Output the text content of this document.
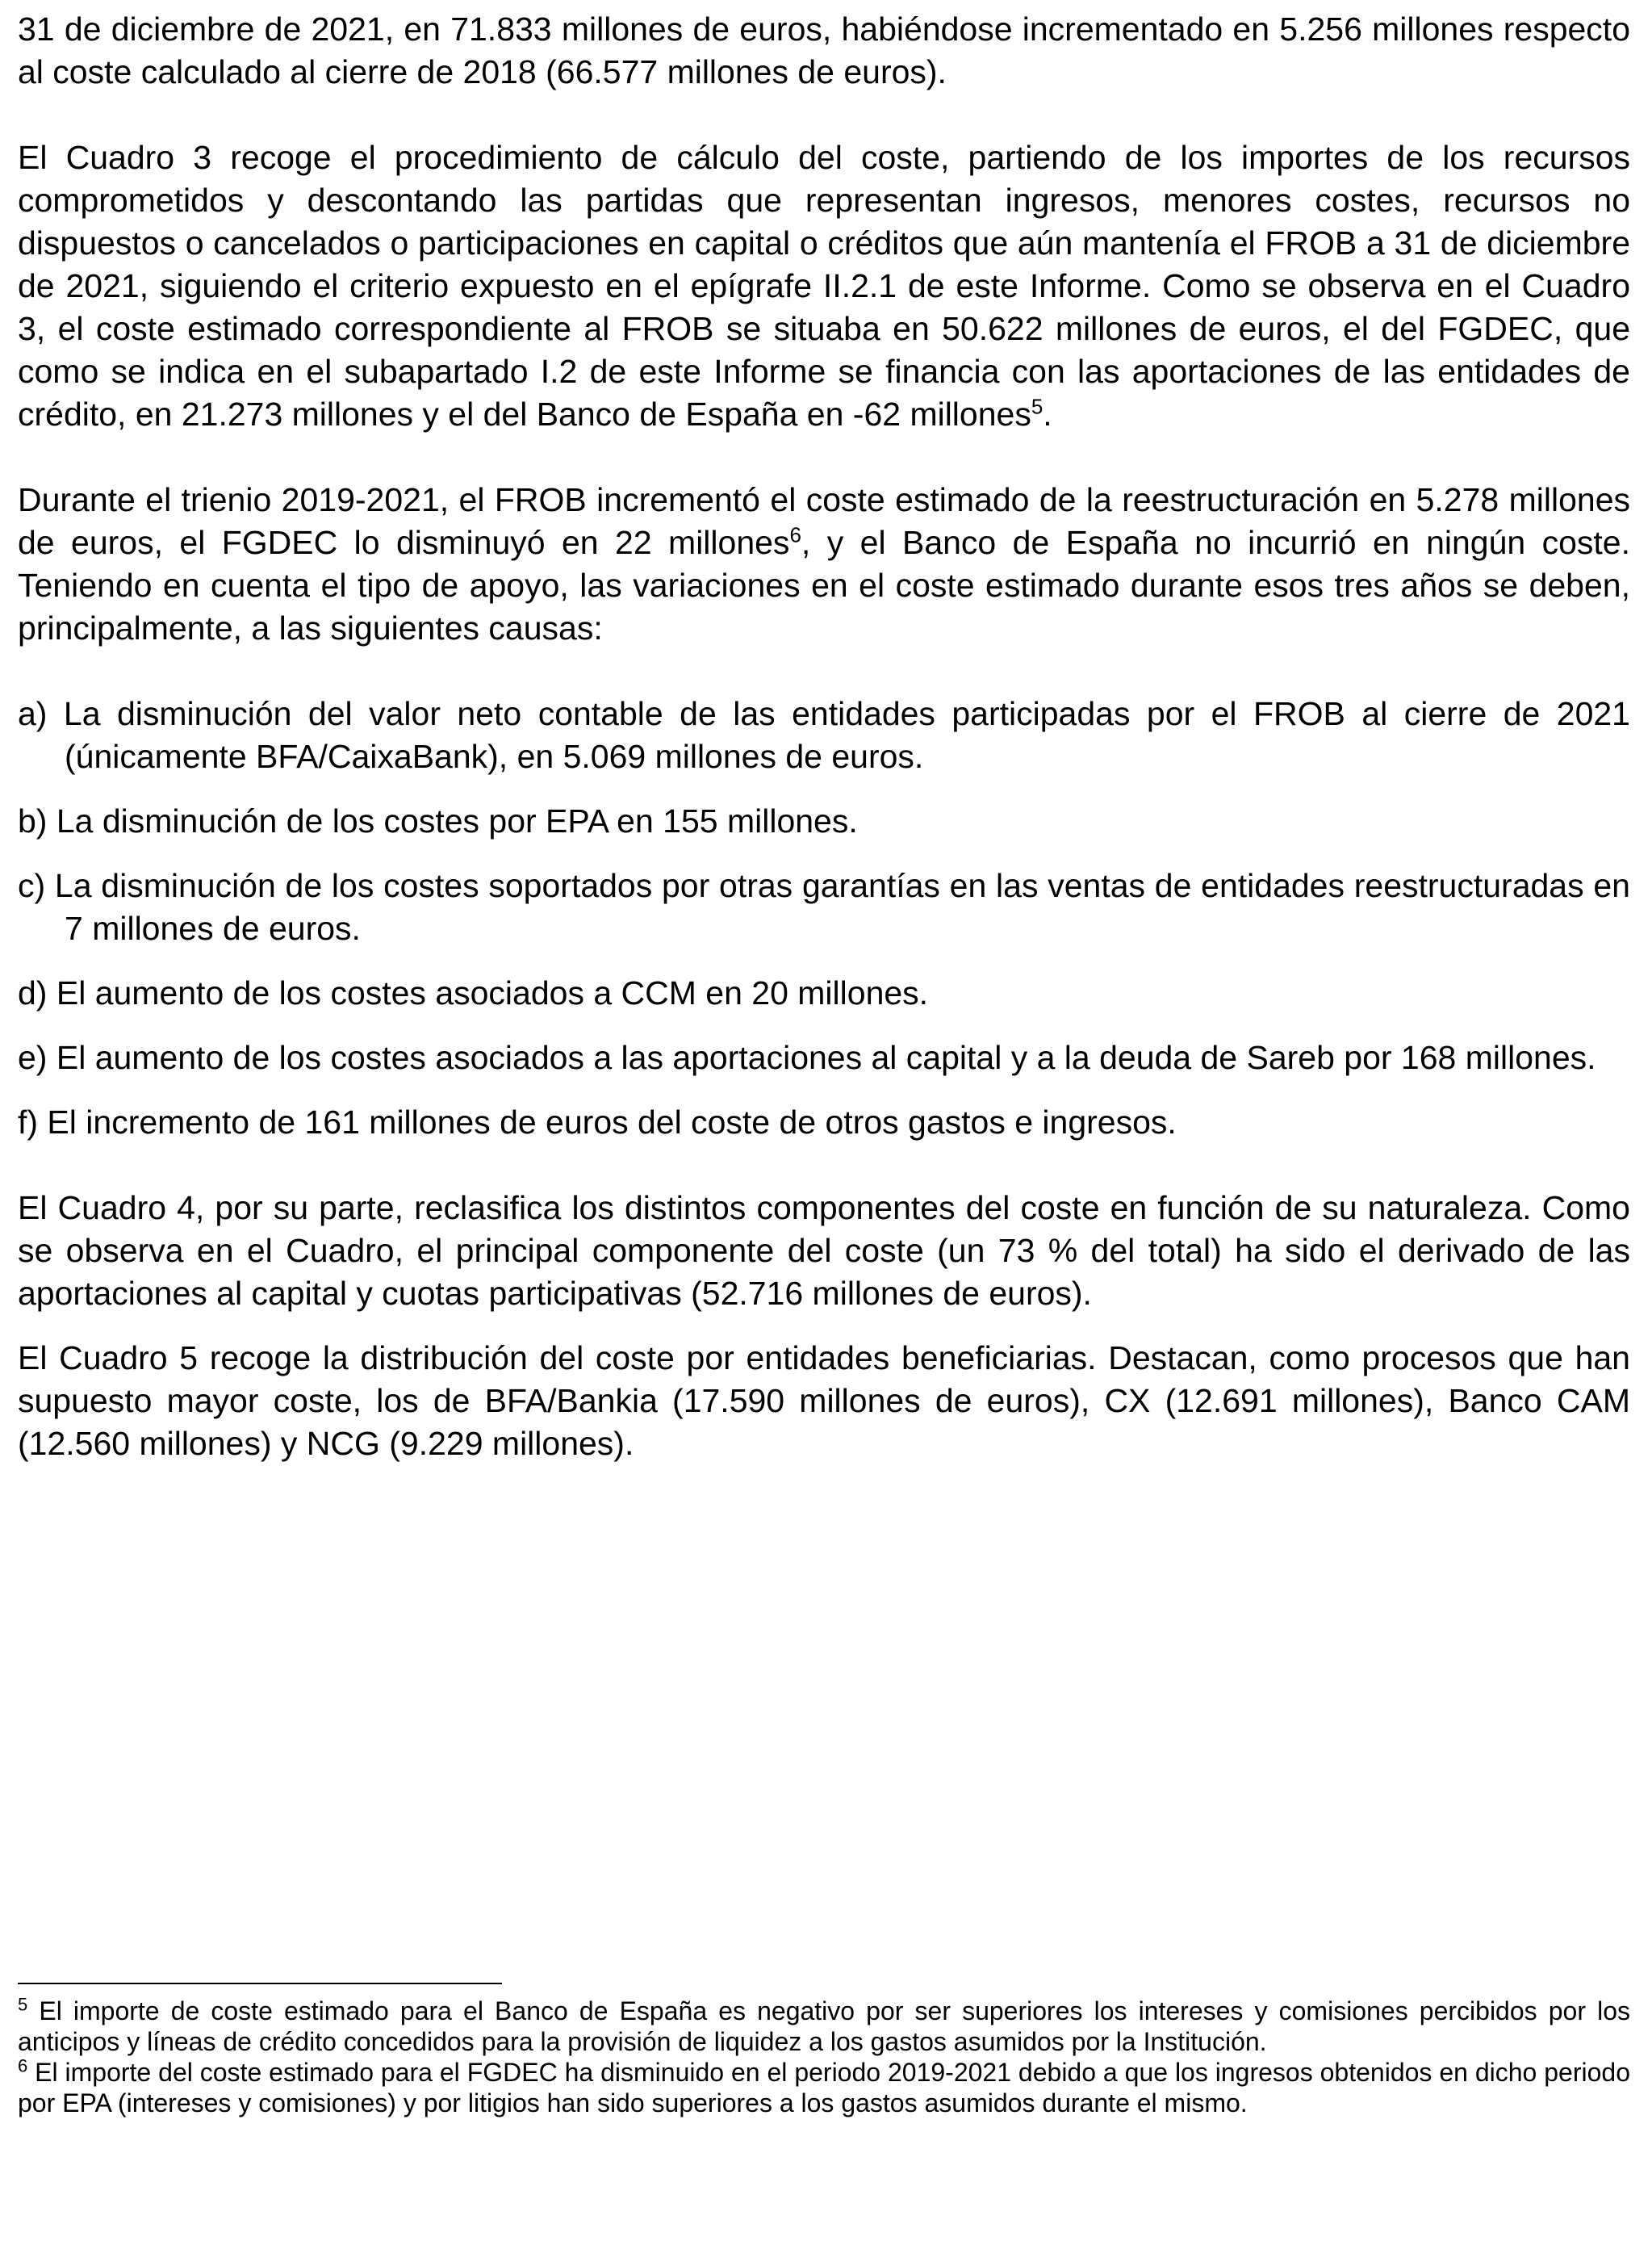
31 de diciembre de 2021, en 71.833 millones de euros, habiéndose incrementado en 5.256 millones respecto al coste calculado al cierre de 2018 (66.577 millones de euros).

El Cuadro 3 recoge el procedimiento de cálculo del coste, partiendo de los importes de los recursos comprometidos y descontando las partidas que representan ingresos, menores costes, recursos no dispuestos o cancelados o participaciones en capital o créditos que aún mantenía el FROB a 31 de diciembre de 2021, siguiendo el criterio expuesto en el epígrafe II.2.1 de este Informe. Como se observa en el Cuadro 3, el coste estimado correspondiente al FROB se situaba en 50.622 millones de euros, el del FGDEC, que como se indica en el subapartado I.2 de este Informe se financia con las aportaciones de las entidades de crédito, en 21.273 millones y el del Banco de España en -62 millones$^5$.

Durante el trienio 2019-2021, el FROB incrementó el coste estimado de la reestructuración en 5.278 millones de euros, el FGDEC lo disminuyó en 22 millones$^6$, y el Banco de España no incurrió en ningún coste. Teniendo en cuenta el tipo de apoyo, las variaciones en el coste estimado durante esos tres años se deben, principalmente, a las siguientes causas:

a) La disminución del valor neto contable de las entidades participadas por el FROB al cierre de 2021 (únicamente BFA/CaixaBank), en 5.069 millones de euros.

b) La disminución de los costes por EPA en 155 millones.

c) La disminución de los costes soportados por otras garantías en las ventas de entidades reestructuradas en 7 millones de euros.

d) El aumento de los costes asociados a CCM en 20 millones.

e) El aumento de los costes asociados a las aportaciones al capital y a la deuda de Sareb por 168 millones.

f) El incremento de 161 millones de euros del coste de otros gastos e ingresos.

El Cuadro 4, por su parte, reclasifica los distintos componentes del coste en función de su naturaleza. Como se observa en el Cuadro, el principal componente del coste (un 73 % del total) ha sido el derivado de las aportaciones al capital y cuotas participativas (52.716 millones de euros).

El Cuadro 5 recoge la distribución del coste por entidades beneficiarias. Destacan, como procesos que han supuesto mayor coste, los de BFA/Bankia (17.590 millones de euros), CX (12.691 millones), Banco CAM (12.560 millones) y NCG (9.229 millones).

$^5$ El importe de coste estimado para el Banco de España es negativo por ser superiores los intereses y comisiones percibidos por los anticipos y líneas de crédito concedidos para la provisión de liquidez a los gastos asumidos por la Institución.

$^6$ El importe del coste estimado para el FGDEC ha disminuido en el periodo 2019-2021 debido a que los ingresos obtenidos en dicho periodo por EPA (intereses y comisiones) y por litigios han sido superiores a los gastos asumidos durante el mismo.
